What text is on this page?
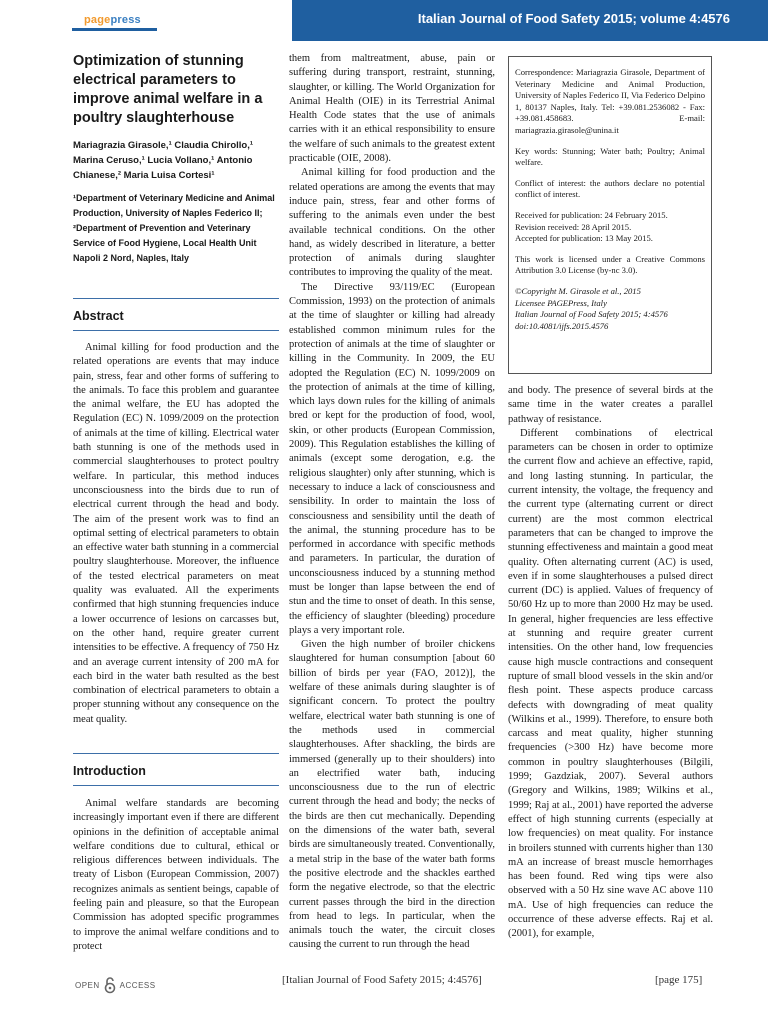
pagepress	Italian Journal of Food Safety 2015; volume 4:4576
Optimization of stunning electrical parameters to improve animal welfare in a poultry slaughterhouse
Mariagrazia Girasole,¹ Claudia Chirollo,¹ Marina Ceruso,¹ Lucia Vollano,¹ Antonio Chianese,² Maria Luisa Cortesi¹
¹Department of Veterinary Medicine and Animal Production, University of Naples Federico II; ²Department of Prevention and Veterinary Service of Food Hygiene, Local Health Unit Napoli 2 Nord, Naples, Italy
Abstract

Animal killing for food production and the related operations are events that may induce pain, stress, fear and other forms of suffering to the animals. To face this problem and guarantee the animal welfare, the EU has adopted the Regulation (EC) N. 1099/2009 on the protection of animals at the time of killing. Electrical water bath stunning is one of the methods used in commercial slaughterhouses to protect poultry welfare. In particular, this method induces unconsciousness into the birds due to run of electrical current through the head and body. The aim of the present work was to find an optimal setting of electrical parameters to obtain an effective water bath stunning in a commercial poultry slaughterhouse. Moreover, the influence of the tested electrical parameters on meat quality was evaluated. All the experiments confirmed that high stunning frequencies induce a lower occurrence of lesions on carcasses but, on the other hand, require greater current intensities to be effective. A frequency of 750 Hz and an average current intensity of 200 mA for each bird in the water bath resulted as the best combination of electrical parameters to obtain a proper stunning without any consequence on the meat quality.

Introduction

Animal welfare standards are becoming increasingly important even if there are different opinions in the definition of acceptable animal welfare conditions due to cultural, ethical or religious differences between individuals. The treaty of Lisbon (European Commission, 2007) recognizes animals as sentient beings, capable of feeling pain and pleasure, so that the European Commission has adopted specific programmes to improve the animal welfare conditions and to protect

them from maltreatment, abuse, pain or suffering during transport, restraint, stunning, slaughter, or killing. The World Organization for Animal Health (OIE) in its Terrestrial Animal Health Code states that the use of animals carries with it an ethical responsibility to ensure the welfare of such animals to the greatest extent practicable (OIE, 2008).

Animal killing for food production and the related operations are among the events that may induce pain, stress, fear and other forms of suffering to the animals even under the best available technical conditions. On the other hand, as widely described in literature, a better protection of animals during slaughter contributes to improving the quality of the meat.

The Directive 93/119/EC (European Commission, 1993) on the protection of animals at the time of slaughter or killing had already established common minimum rules for the protection of animals at the time of slaughter or killing in the Community. In 2009, the EU adopted the Regulation (EC) N. 1099/2009 on the protection of animals at the time of killing, which lays down rules for the killing of animals bred or kept for the production of food, wool, skin, or other products (European Commission, 2009). This Regulation establishes the killing of animals (except some derogation, e.g. the religious slaughter) only after stunning, which is necessary to induce a lack of consciousness and sensibility. In order to maintain the loss of consciousness and sensibility until the death of the animal, the stunning procedure has to be performed in accordance with specific methods and parameters. In particular, the duration of unconsciousness induced by a stunning method must be longer than lapse between the end of stun and the time to onset of death. In this sense, the efficiency of slaughter (bleeding) procedure plays a very important role.

Given the high number of broiler chickens slaughtered for human consumption [about 60 billion of birds per year (FAO, 2012)], the welfare of these animals during slaughter is of significant concern. To protect the poultry welfare, electrical water bath stunning is one of the methods used in commercial slaughterhouses. After shackling, the birds are immersed (generally up to their shoulders) into an electrified water bath, inducing unconsciousness due to the run of electric current through the head and body; the necks of the birds are then cut mechanically. Depending on the dimensions of the water bath, several birds are simultaneously treated. Conventionally, a metal strip in the base of the water bath forms the positive electrode and the shackles earthed form the negative electrode, so that the electric current passes through the bird in the direction from head to legs. In particular, when the animals touch the water, the circuit closes causing the current to run through the head

Correspondence: Mariagrazia Girasole, Department of Veterinary Medicine and Animal Production, University of Naples Federico II, Via Federico Delpino 1, 80137 Naples, Italy. Tel: +39.081.2536082 - Fax: +39.081.458683. E-mail: mariagrazia.girasole@unina.it

Key words: Stunning; Water bath; Poultry; Animal welfare.

Conflict of interest: the authors declare no potential conflict of interest.

Received for publication: 24 February 2015.

Revision received: 28 April 2015.

Accepted for publication: 13 May 2015.

This work is licensed under a Creative Commons Attribution 3.0 License (by-nc 3.0).

©Copyright M. Girasole et al., 2015

Licensee PAGEPress, Italy

Italian Journal of Food Safety 2015; 4:4576

doi:10.4081/ijfs.2015.4576

and body. The presence of several birds at the same time in the water creates a parallel pathway of resistance.

Different combinations of electrical parameters can be chosen in order to optimize the current flow and achieve an effective, rapid, and long lasting stunning. In particular, the current intensity, the voltage, the frequency and the current type (alternating current or direct current) are the most common electrical parameters that can be changed to improve the stunning effectiveness and maintain a good meat quality. Often alternating current (AC) is used, even if in some slaughterhouses a pulsed direct current (DC) is applied. Values of frequency of 50/60 Hz up to more than 2000 Hz may be used. In general, higher frequencies are less effective at stunning and require greater current intensities. On the other hand, low frequencies cause high muscle contractions and consequent rupture of small blood vessels in the skin and/or flesh point. These aspects produce carcass defects with downgrading of meat quality (Wilkins et al., 1999). Therefore, to ensure both carcass and meat quality, higher stunning frequencies (>300 Hz) have become more common in poultry slaughterhouses (Bilgili, 1999; Gazdziak, 2007). Several authors (Gregory and Wilkins, 1989; Wilkins et al., 1999; Raj at al., 2001) have reported the adverse effect of high stunning currents (especially at low frequencies) on meat quality. For instance in broilers stunned with currents higher than 130 mA an increase of breast muscle hemorrhages has been found. Red wing tips were also observed with a 50 Hz sine wave AC above 110 mA. Use of high frequencies can reduce the occurrence of these adverse effects. Raj et al. (2001), for example,

OPEN	ACCESS	[Italian Journal of Food Safety 2015; 4:4576]	[page 175]
